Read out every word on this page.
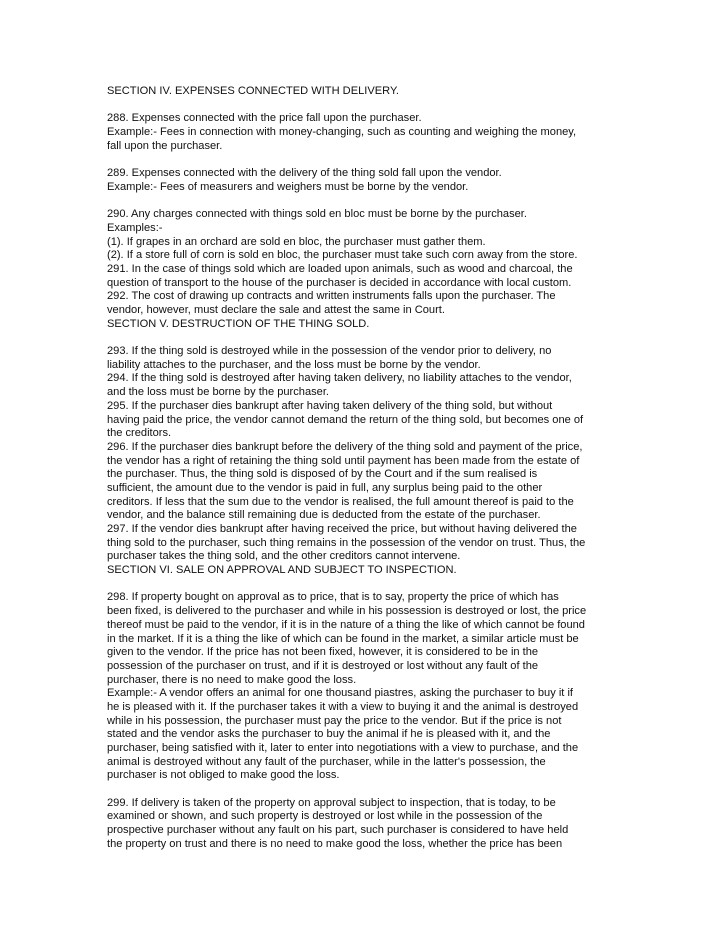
SECTION IV. EXPENSES CONNECTED WITH DELIVERY.
288. Expenses connected with the price fall upon the purchaser.
Example:- Fees in connection with money-changing, such as counting and weighing the money,
fall upon the purchaser.
289. Expenses connected with the delivery of the thing sold fall upon the vendor.
Example:- Fees of measurers and weighers must be borne by the vendor.
290. Any charges connected with things sold en bloc must be borne by the purchaser.
Examples:-
(1). If grapes in an orchard are sold en bloc, the purchaser must gather them.
(2). If a store full of corn is sold en bloc, the purchaser must take such corn away from the store.
291. In the case of things sold which are loaded upon animals, such as wood and charcoal, the
question of transport to the house of the purchaser is decided in accordance with local custom.
292. The cost of drawing up contracts and written instruments falls upon the purchaser. The
vendor, however, must declare the sale and attest the same in Court.
SECTION V. DESTRUCTION OF THE THING SOLD.
293. If the thing sold is destroyed while in the possession of the vendor prior to delivery, no
liability attaches to the purchaser, and the loss must be borne by the vendor.
294. If the thing sold is destroyed after having taken delivery, no liability attaches to the vendor,
and the loss must be borne by the purchaser.
295. If the purchaser dies bankrupt after having taken delivery of the thing sold, but without
having paid the price, the vendor cannot demand the return of the thing sold, but becomes one of
the creditors.
296. If the purchaser dies bankrupt before the delivery of the thing sold and payment of the price,
the vendor has a right of retaining the thing sold until payment has been made from the estate of
the purchaser. Thus, the thing sold is disposed of by the Court and if the sum realised is
sufficient, the amount due to the vendor is paid in full, any surplus being paid to the other
creditors. If less that the sum due to the vendor is realised, the full amount thereof is paid to the
vendor, and the balance still remaining due is deducted from the estate of the purchaser.
297. If the vendor dies bankrupt after having received the price, but without having delivered the
thing sold to the purchaser, such thing remains in the possession of the vendor on trust. Thus, the
purchaser takes the thing sold, and the other creditors cannot intervene.
SECTION VI. SALE ON APPROVAL AND SUBJECT TO INSPECTION.
298. If property bought on approval as to price, that is to say, property the price of which has
been fixed, is delivered to the purchaser and while in his possession is destroyed or lost, the price
thereof must be paid to the vendor, if it is in the nature of a thing the like of which cannot be found
in the market. If it is a thing the like of which can be found in the market, a similar article must be
given to the vendor. If the price has not been fixed, however, it is considered to be in the
possession of the purchaser on trust, and if it is destroyed or lost without any fault of the
purchaser, there is no need to make good the loss.
Example:- A vendor offers an animal for one thousand piastres, asking the purchaser to buy it if
he is pleased with it. If the purchaser takes it with a view to buying it and the animal is destroyed
while in his possession, the purchaser must pay the price to the vendor. But if the price is not
stated and the vendor asks the purchaser to buy the animal if he is pleased with it, and the
purchaser, being satisfied with it, later to enter into negotiations with a view to purchase, and the
animal is destroyed without any fault of the purchaser, while in the latter's possession, the
purchaser is not obliged to make good the loss.
299. If delivery is taken of the property on approval subject to inspection, that is today, to be
examined or shown, and such property is destroyed or lost while in the possession of the
prospective purchaser without any fault on his part, such purchaser is considered to have held
the property on trust and there is no need to make good the loss, whether the price has been
